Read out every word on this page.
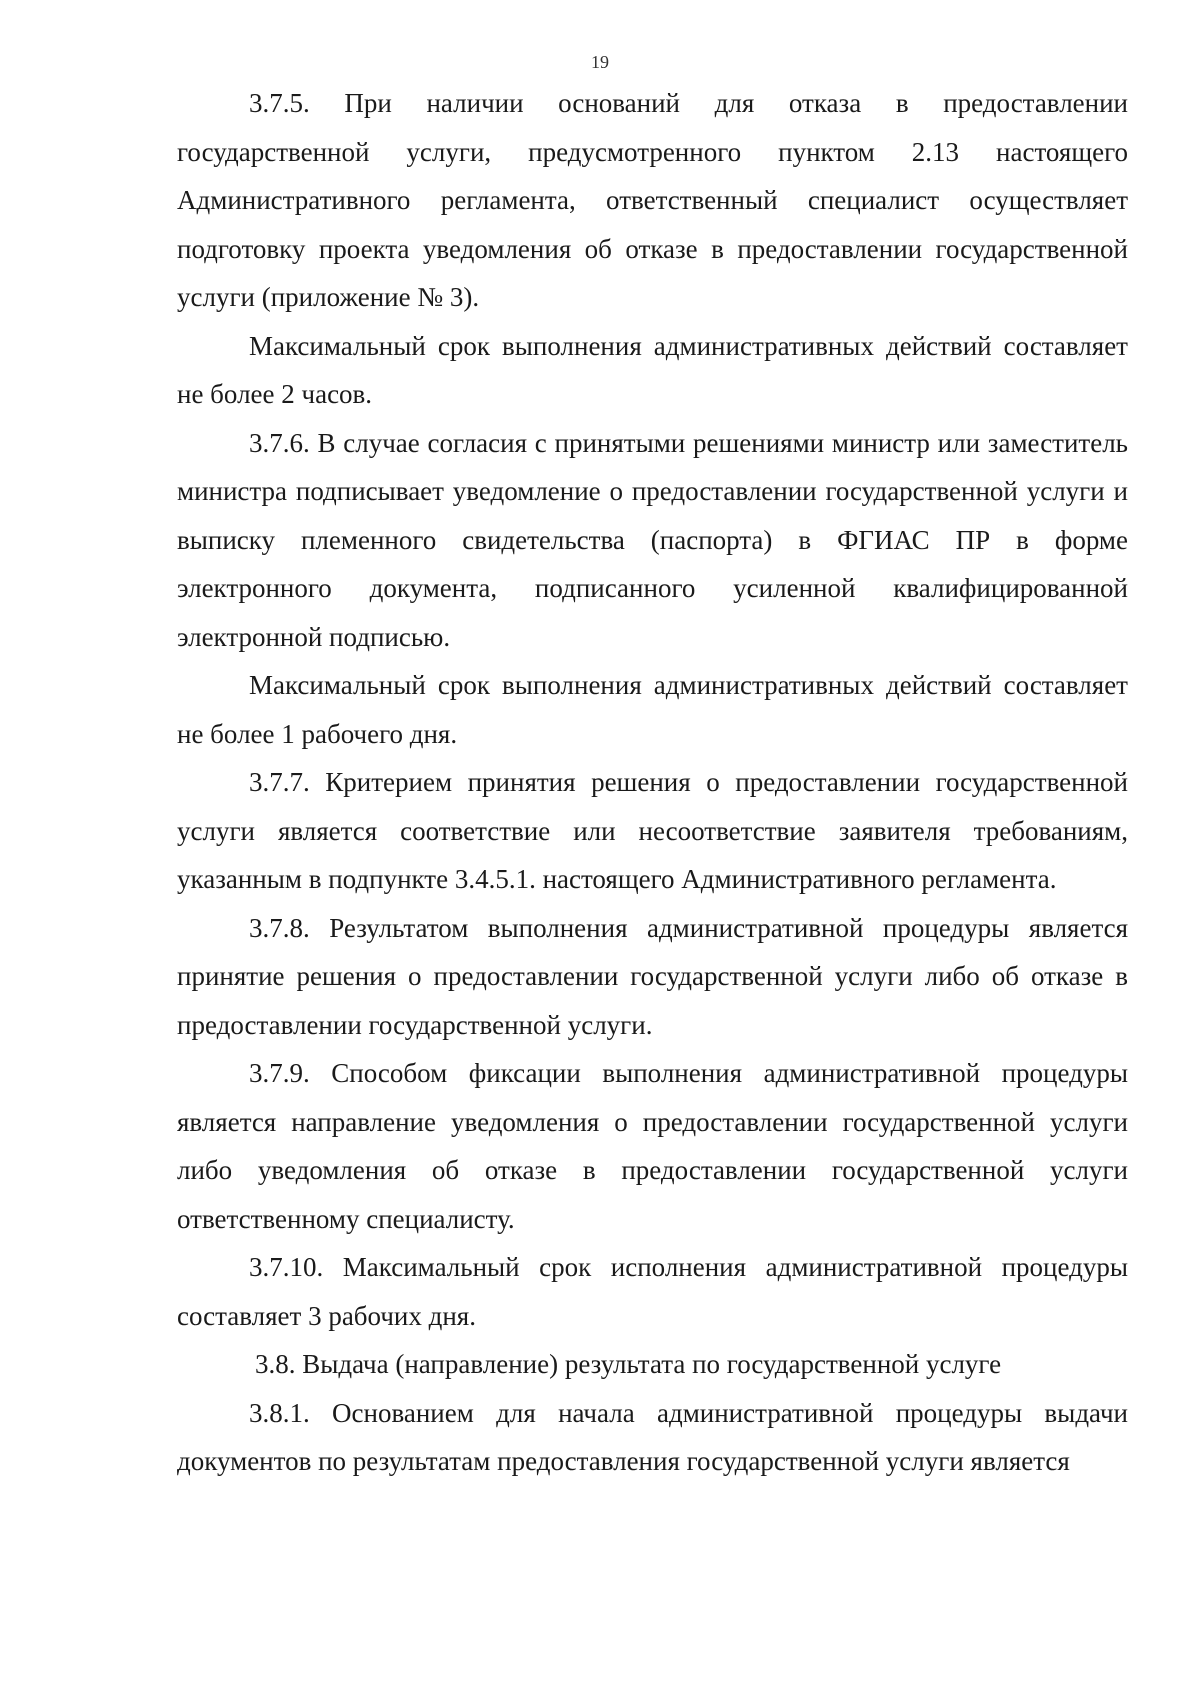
19

3.7.5. При наличии оснований для отказа в предоставлении государственной услуги, предусмотренного пунктом 2.13 настоящего Административного регламента, ответственный специалист осуществляет подготовку проекта уведомления об отказе в предоставлении государственной услуги (приложение № 3).

Максимальный срок выполнения административных действий составляет не более 2 часов.

3.7.6. В случае согласия с принятыми решениями министр или заместитель министра подписывает уведомление о предоставлении государственной услуги и выписку племенного свидетельства (паспорта) в ФГИАС ПР в форме электронного документа, подписанного усиленной квалифицированной электронной подписью.

Максимальный срок выполнения административных действий составляет не более 1 рабочего дня.

3.7.7. Критерием принятия решения о предоставлении государственной услуги является соответствие или несоответствие заявителя требованиям, указанным в подпункте 3.4.5.1. настоящего Административного регламента.

3.7.8. Результатом выполнения административной процедуры является принятие решения о предоставлении государственной услуги либо об отказе в предоставлении государственной услуги.

3.7.9. Способом фиксации выполнения административной процедуры является направление уведомления о предоставлении государственной услуги либо уведомления об отказе в предоставлении государственной услуги ответственному специалисту.

3.7.10. Максимальный срок исполнения административной процедуры составляет 3 рабочих дня.

3.8. Выдача (направление) результата по государственной услуге

3.8.1. Основанием для начала административной процедуры выдачи документов по результатам предоставления государственной услуги является
